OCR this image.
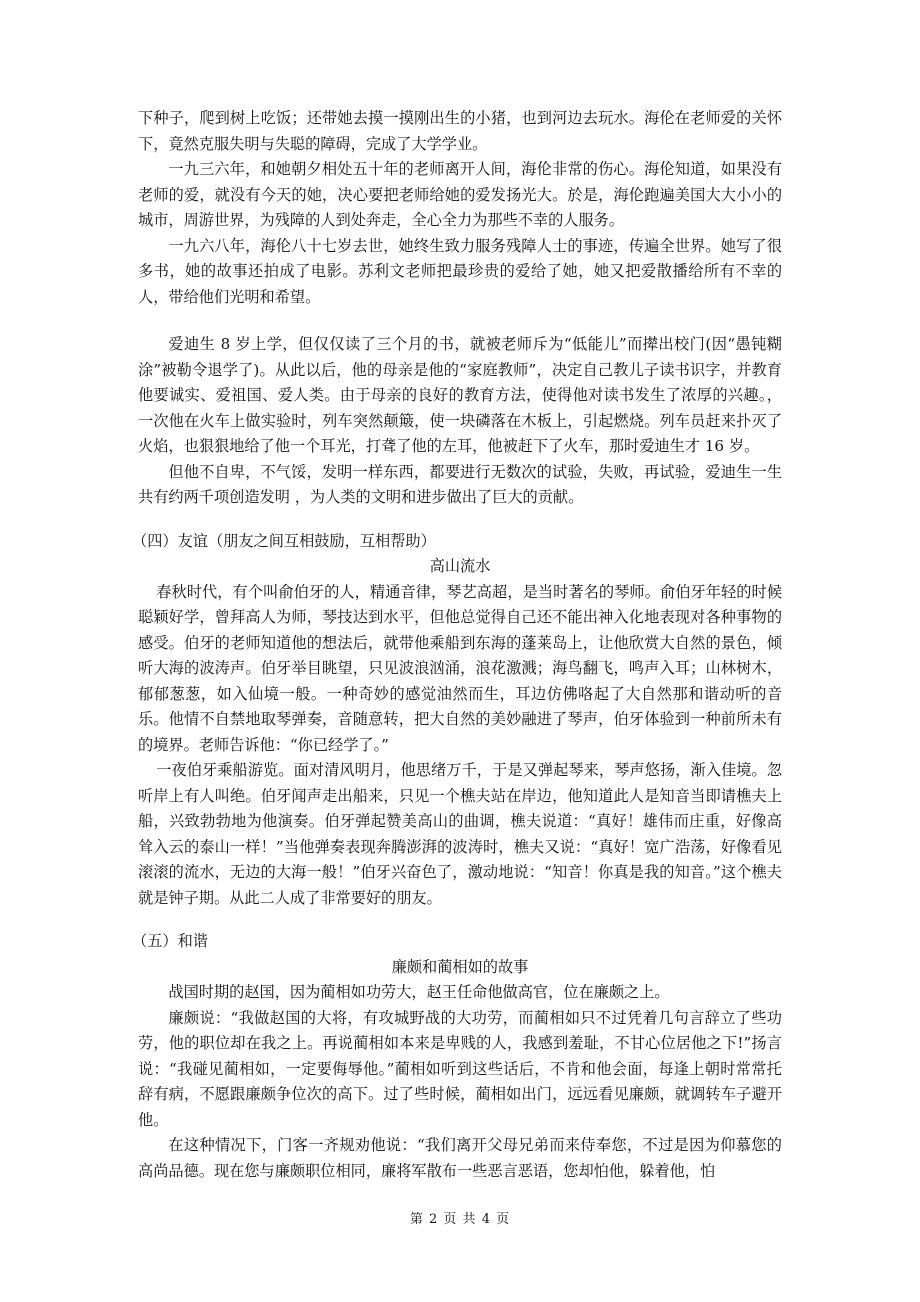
下种子，爬到树上吃饭；还带她去摸一摸刚出生的小猪，也到河边去玩水。海伦在老师爱的关怀下，竟然克服失明与失聪的障碍，完成了大学学业。

一九三六年，和她朝夕相处五十年的老师离开人间，海伦非常的伤心。海伦知道，如果没有老师的爱，就没有今天的她，决心要把老师给她的爱发扬光大。於是，海伦跑遍美国大大小小的城市，周游世界，为残障的人到处奔走，全心全力为那些不幸的人服务。

一九六八年，海伦八十七岁去世，她终生致力服务残障人士的事迹，传遍全世界。她写了很多书，她的故事还拍成了电影。苏利文老师把最珍贵的爱给了她，她又把爱散播给所有不幸的人，带给他们光明和希望。

爱迪生 8 岁上学，但仅仅读了三个月的书，就被老师斥为“低能儿”而撵出校门(因“愚钝糊涂”被勒令退学了)。从此以后，他的母亲是他的“家庭教师”，决定自己教儿子读书识字，并教育他要诚实、爱祖国、爱人类。由于母亲的良好的教育方法，使得他对读书发生了浓厚的兴趣。，一次他在火车上做实验时，列车突然颠簸，使一块磷落在木板上，引起燃烧。列车员赶来扑灭了火焰，也狠狠地给了他一个耳光，打聋了他的左耳，他被赶下了火车，那时爱迪生才 16 岁。

但他不自卑，不气馁，发明一样东西，都要进行无数次的试验，失败，再试验，爱迪生一生共有约两千项创造发明 ，为人类的文明和进步做出了巨大的贡献。

（四）友谊（朋友之间互相鼓励，互相帮助）

高山流水

春秋时代，有个叫俞伯牙的人，精通音律，琴艺高超，是当时著名的琴师。俞伯牙年轻的时候聪颖好学，曾拜高人为师，琴技达到水平，但他总觉得自己还不能出神入化地表现对各种事物的感受。伯牙的老师知道他的想法后，就带他乘船到东海的蓬莱岛上，让他欣赏大自然的景色，倾听大海的波涛声。伯牙举目眺望，只见波浪汹涌，浪花激溅；海鸟翻飞，鸣声入耳；山林树木，郁郁葱葱，如入仙境一般。一种奇妙的感觉油然而生，耳边仿佛咯起了大自然那和谐动听的音乐。他情不自禁地取琴弹奏，音随意转，把大自然的美妙融进了琴声，伯牙体验到一种前所未有的境界。老师告诉他：“你已经学了。”

一夜伯牙乘船游览。面对清风明月，他思绪万千，于是又弹起琴来，琴声悠扬，渐入佳境。忽听岸上有人叫绝。伯牙闻声走出船来，只见一个樵夫站在岸边，他知道此人是知音当即请樵夫上船，兴致勃勃地为他演奏。伯牙弹起赞美高山的曲调，樵夫说道：“真好！雄伟而庄重，好像高耸入云的泰山一样！”当他弹奏表现奔腾澎湃的波涛时，樵夫又说：“真好！宽广浩荡，好像看见滚滚的流水，无边的大海一般！”伯牙兴奋色了，激动地说：“知音！你真是我的知音。”这个樵夫就是钟子期。从此二人成了非常要好的朋友。

（五）和谐

廉颇和蔺相如的故事

战国时期的赵国，因为蔺相如功劳大，赵王任命他做高官，位在廉颇之上。

廉颇说：“我做赵国的大将，有攻城野战的大功劳，而蔺相如只不过凭着几句言辞立了些功劳，他的职位却在我之上。再说蔺相如本来是卑贱的人，我感到羞耻，不甘心位居他之下!”扬言说：“我碰见蔺相如，一定要侮辱他。”蔺相如听到这些话后，不肯和他会面，每逢上朝时常常托辞有病，不愿跟廉颇争位次的高下。过了些时候，蔺相如出门，远远看见廉颇，就调转车子避开他。

在这种情况下，门客一齐规劝他说：“我们离开父母兄弟而来侍奉您，不过是因为仰慕您的高尚品德。现在您与廉颇职位相同，廉将军散布一些恶言恶语，您却怕他，躲着他，怕

第 2 页 共 4 页
